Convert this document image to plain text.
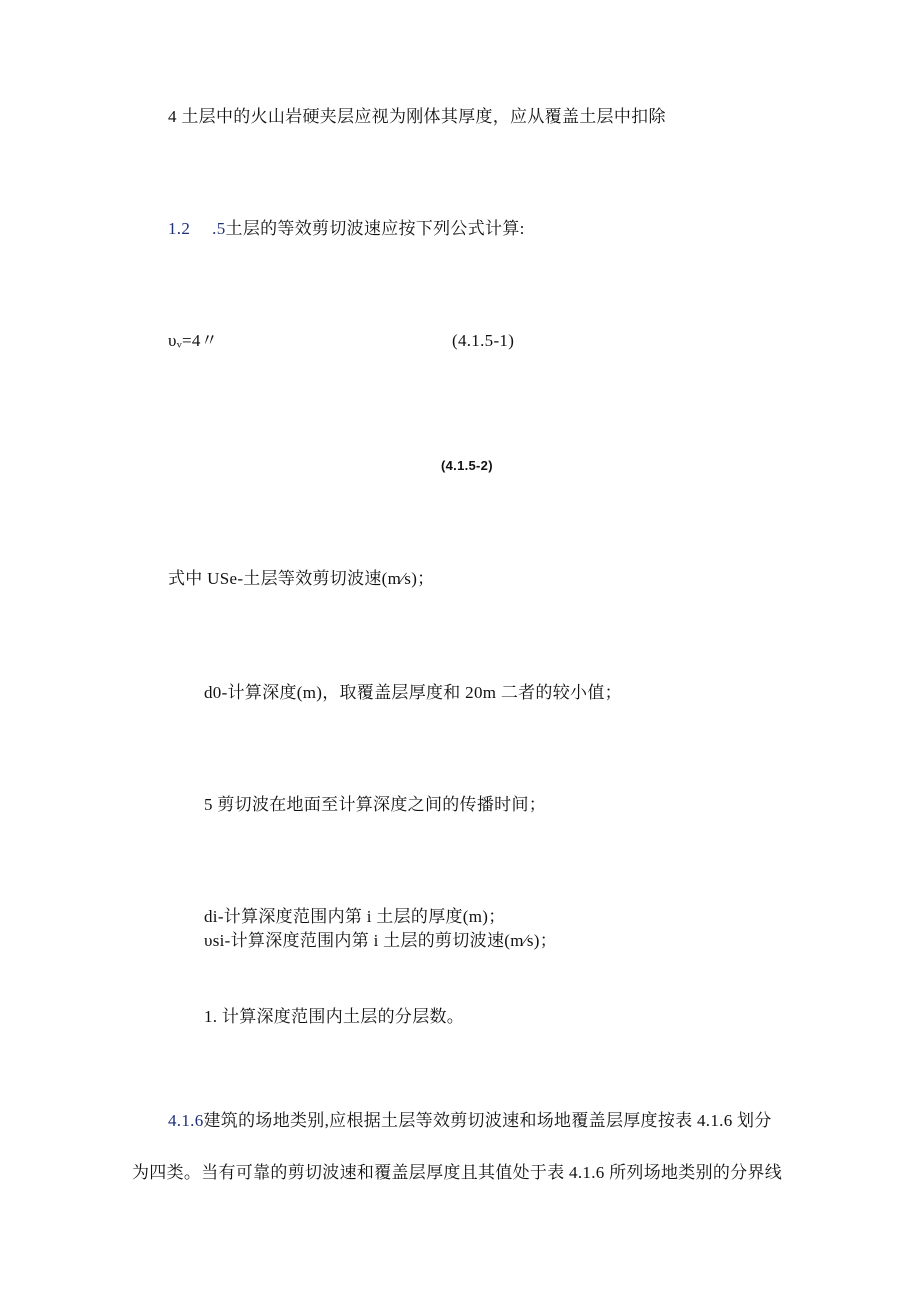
4 土层中的火山岩硬夹层应视为刚体其厚度，应从覆盖土层中扣除
1.2 .5土层的等效剪切波速应按下列公式计算:
υᵥ=4〃	(4.1.5-1)
(4.1.5-2)
式中 USe-土层等效剪切波速(m∕s)；
d0-计算深度(m)，取覆盖层厚度和 20m 二者的较小值；
5 剪切波在地面至计算深度之间的传播时间；
di-计算深度范围内第 i 土层的厚度(m)；
υsi-计算深度范围内第 i 土层的剪切波速(m∕s)；
1. 计算深度范围内土层的分层数。
4.1.6建筑的场地类别,应根据土层等效剪切波速和场地覆盖层厚度按表 4.1.6 划分
为四类。当有可靠的剪切波速和覆盖层厚度且其值处于表 4.1.6 所列场地类别的分界线
